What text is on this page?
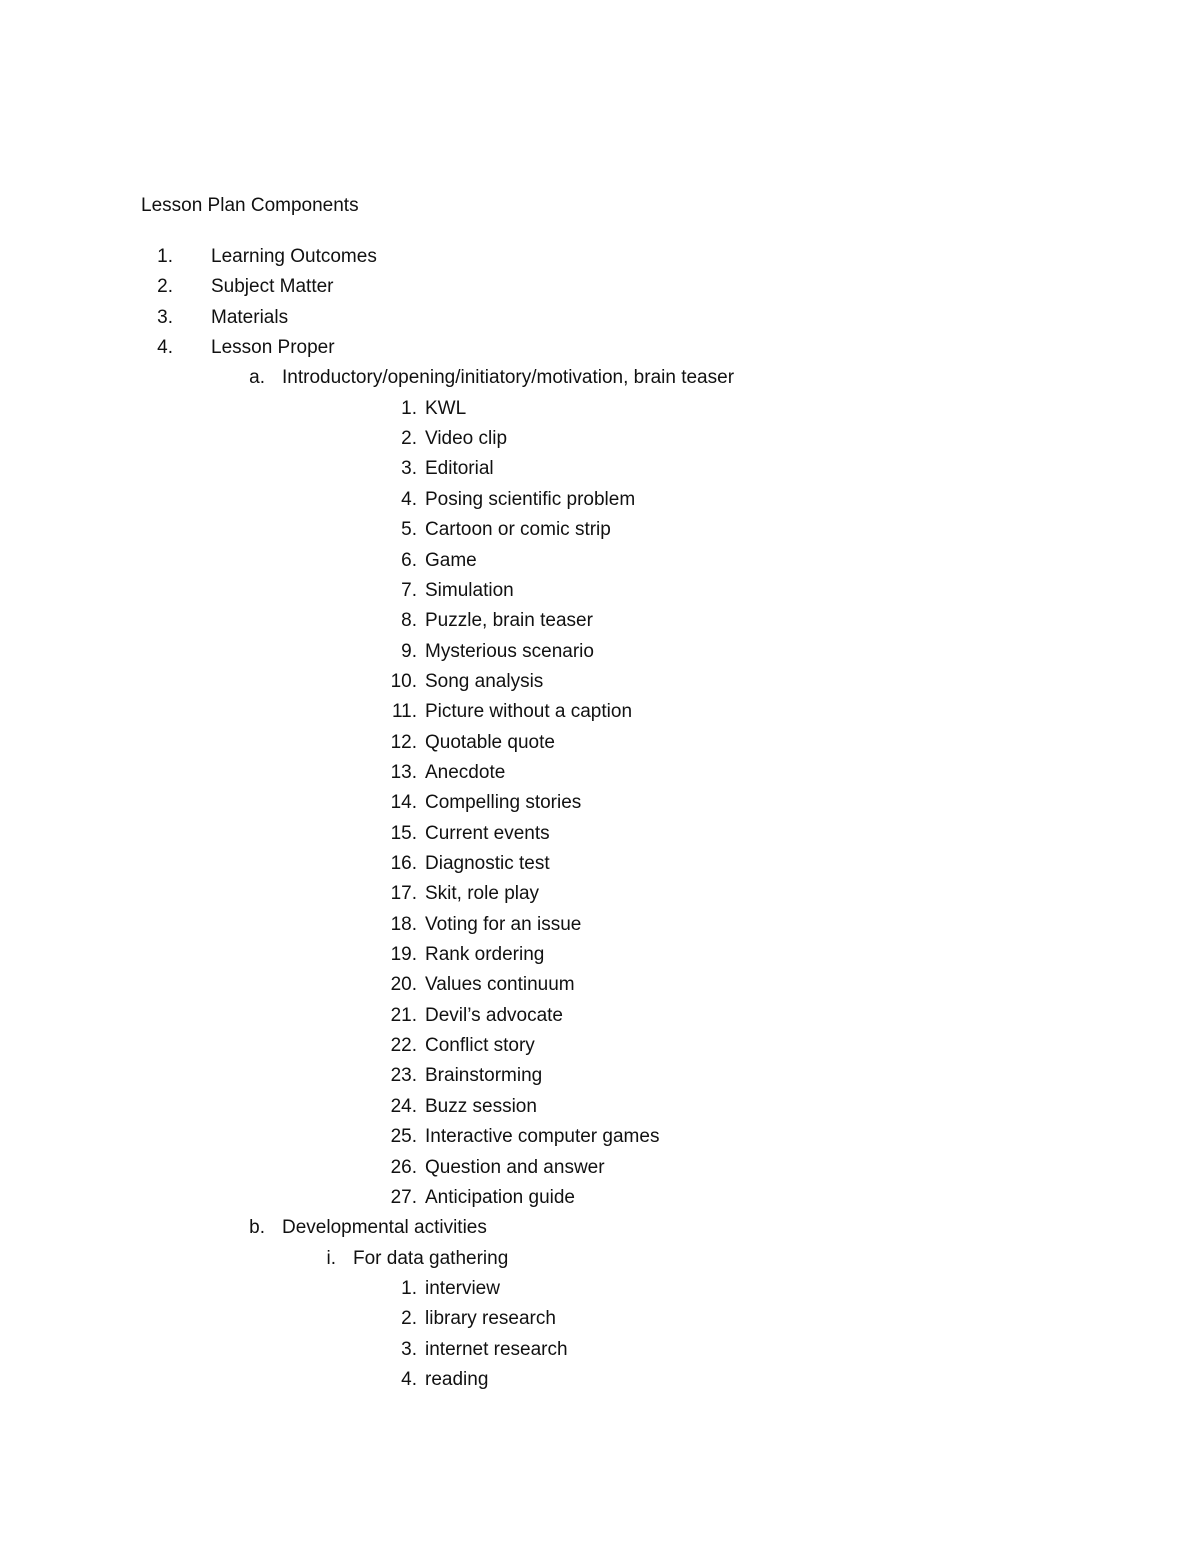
Lesson Plan Components
1. Learning Outcomes
2. Subject Matter
3. Materials
4. Lesson Proper
a. Introductory/opening/initiatory/motivation, brain teaser
1. KWL
2. Video clip
3. Editorial
4. Posing scientific problem
5. Cartoon or comic strip
6. Game
7. Simulation
8. Puzzle, brain teaser
9. Mysterious scenario
10. Song analysis
11. Picture without a caption
12. Quotable quote
13. Anecdote
14. Compelling stories
15. Current events
16. Diagnostic test
17. Skit, role play
18. Voting for an issue
19. Rank ordering
20. Values continuum
21. Devil’s advocate
22. Conflict story
23. Brainstorming
24. Buzz session
25. Interactive computer games
26. Question and answer
27. Anticipation guide
b. Developmental activities
i. For data gathering
1. interview
2. library research
3. internet research
4. reading
